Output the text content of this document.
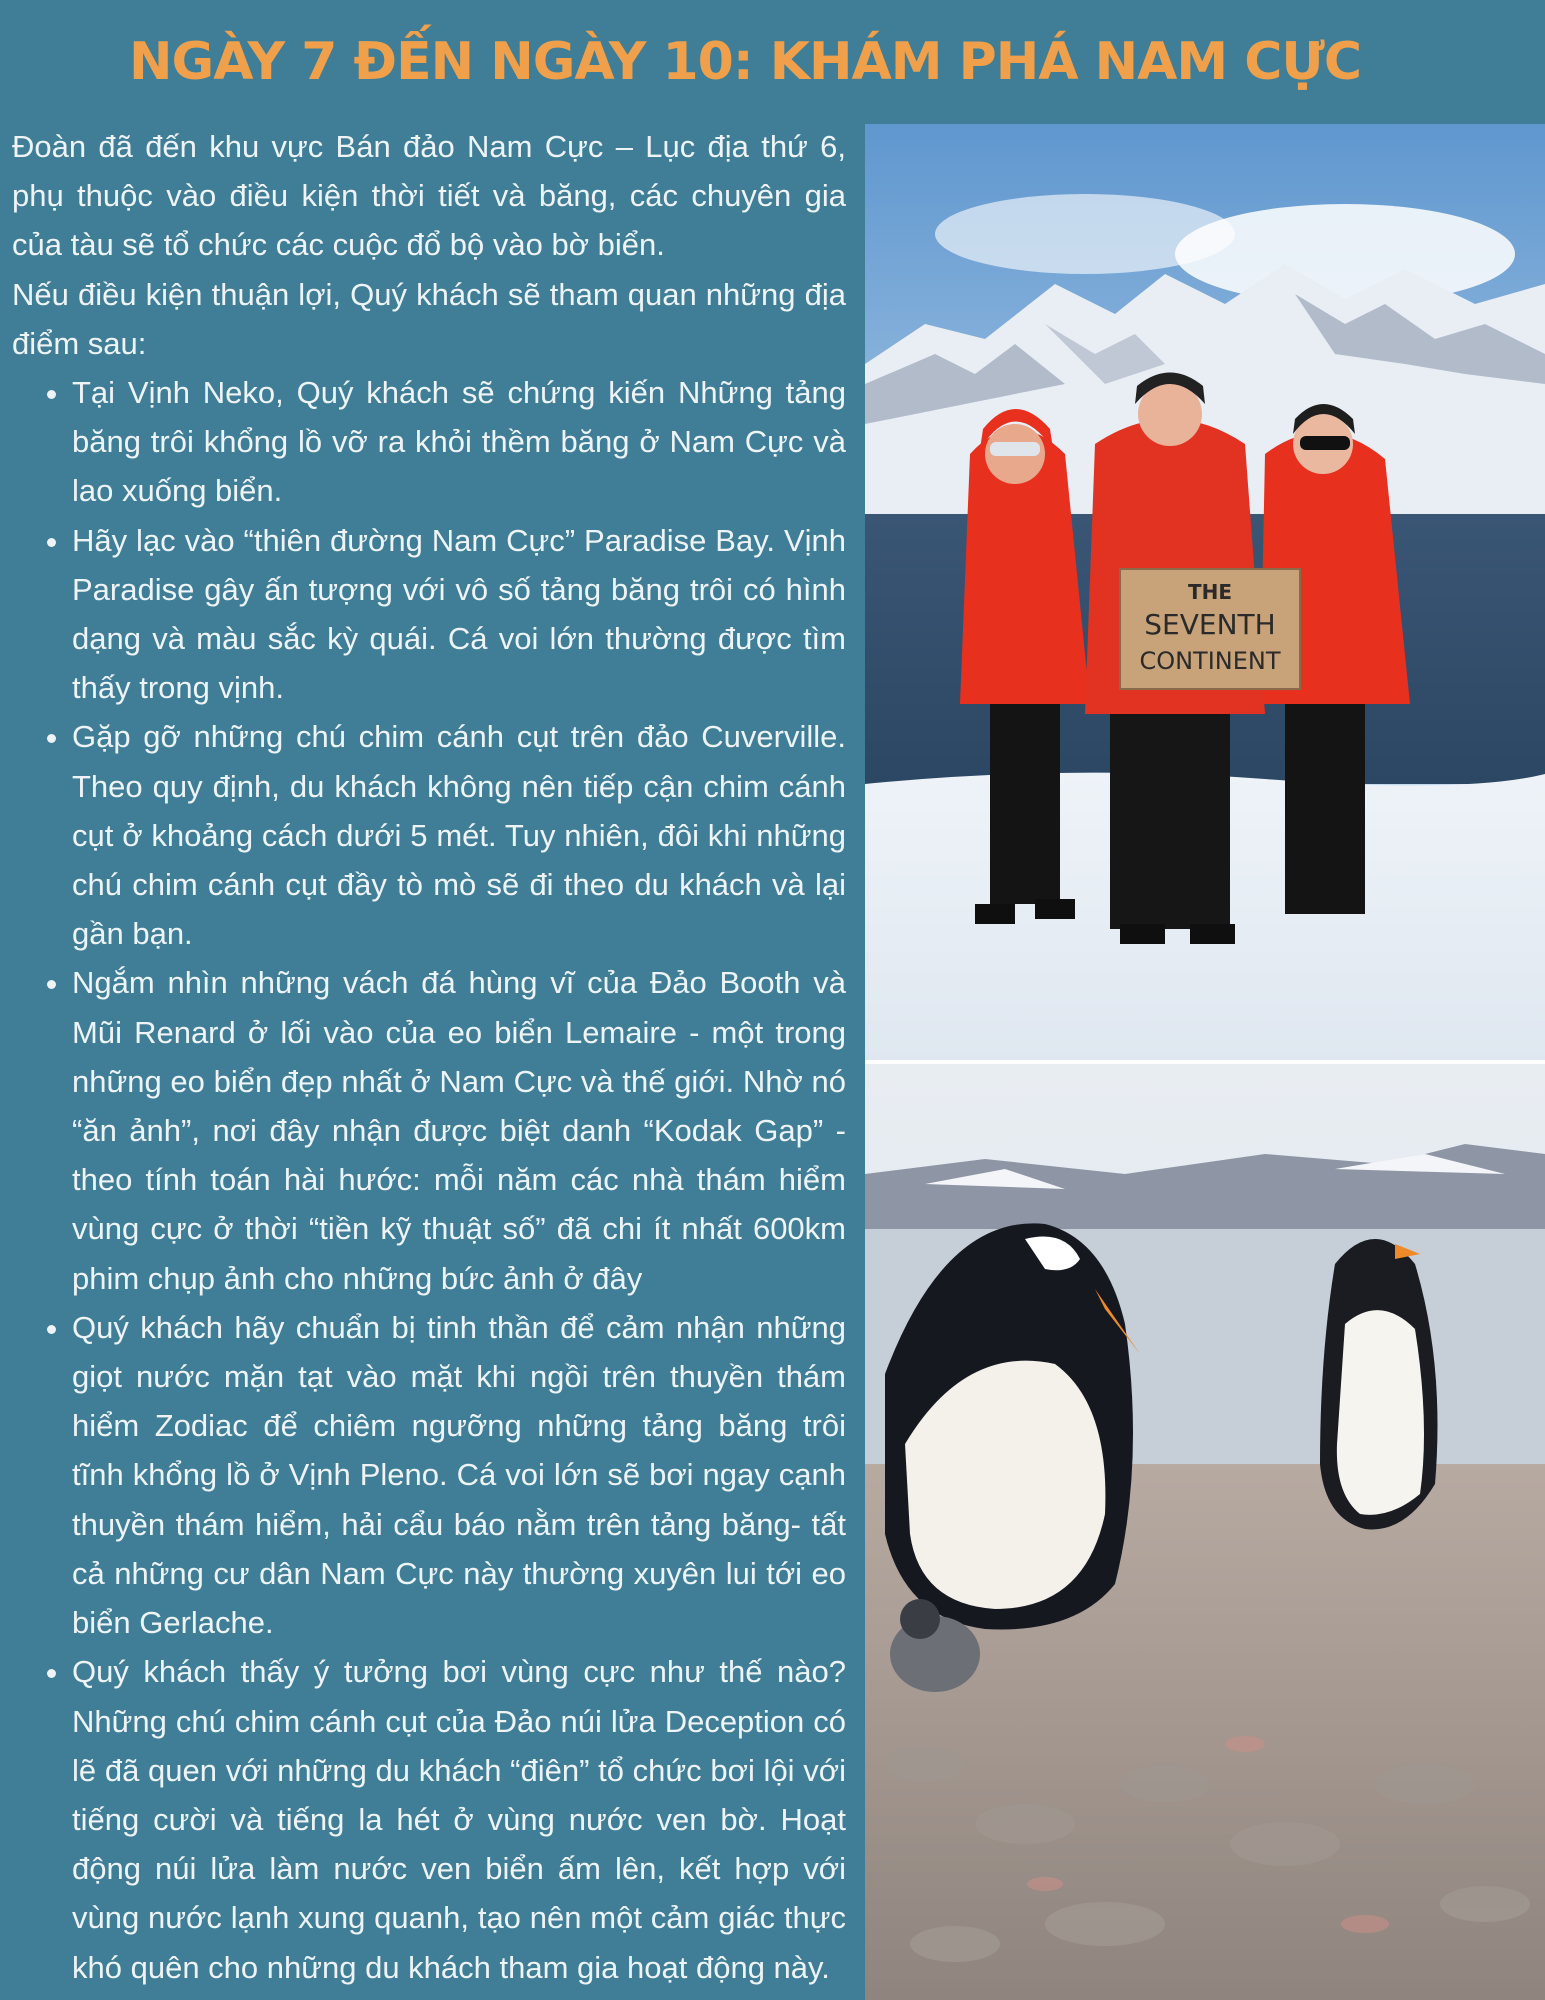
NGÀY 7 ĐẾN NGÀY 10: KHÁM PHÁ NAM CỰC

Đoàn đã đến khu vực Bán đảo Nam Cực – Lục địa thứ 6, phụ thuộc vào điều kiện thời tiết và băng, các chuyên gia của tàu sẽ tổ chức các cuộc đổ bộ vào bờ biển.

Nếu điều kiện thuận lợi, Quý khách sẽ tham quan những địa điểm sau:

• Tại Vịnh Neko, Quý khách sẽ chứng kiến Những tảng băng trôi khổng lồ vỡ ra khỏi thềm băng ở Nam Cực và lao xuống biển.
• Hãy lạc vào “thiên đường Nam Cực” Paradise Bay. Vịnh Paradise gây ấn tượng với vô số tảng băng trôi có hình dạng và màu sắc kỳ quái. Cá voi lớn thường được tìm thấy trong vịnh.
• Gặp gỡ những chú chim cánh cụt trên đảo Cuverville. Theo quy định, du khách không nên tiếp cận chim cánh cụt ở khoảng cách dưới 5 mét. Tuy nhiên, đôi khi những chú chim cánh cụt đầy tò mò sẽ đi theo du khách và lại gần bạn.
• Ngắm nhìn những vách đá hùng vĩ của Đảo Booth và Mũi Renard ở lối vào của eo biển Lemaire - một trong những eo biển đẹp nhất ở Nam Cực và thế giới. Nhờ nó “ăn ảnh”, nơi đây nhận được biệt danh “Kodak Gap” - theo tính toán hài hước: mỗi năm các nhà thám hiểm vùng cực ở thời “tiền kỹ thuật số” đã chi ít nhất 600km phim chụp ảnh cho những bức ảnh ở đây
• Quý khách hãy chuẩn bị tinh thần để cảm nhận những giọt nước mặn tạt vào mặt khi ngồi trên thuyền thám hiểm Zodiac để chiêm ngưỡng những tảng băng trôi tĩnh khổng lồ ở Vịnh Pleno. Cá voi lớn sẽ bơi ngay cạnh thuyền thám hiểm, hải cẩu báo nằm trên tảng băng- tất cả những cư dân Nam Cực này thường xuyên lui tới eo biển Gerlache.
• Quý khách thấy ý tưởng bơi vùng cực như thế nào? Những chú chim cánh cụt của Đảo núi lửa Deception có lẽ đã quen với những du khách “điên” tổ chức bơi lội với tiếng cười và tiếng la hét ở vùng nước ven bờ. Hoạt động núi lửa làm nước ven biển ấm lên, kết hợp với vùng nước lạnh xung quanh, tạo nên một cảm giác thực khó quên cho những du khách tham gia hoạt động này.
THE
SEVENTH
CONTINENT
